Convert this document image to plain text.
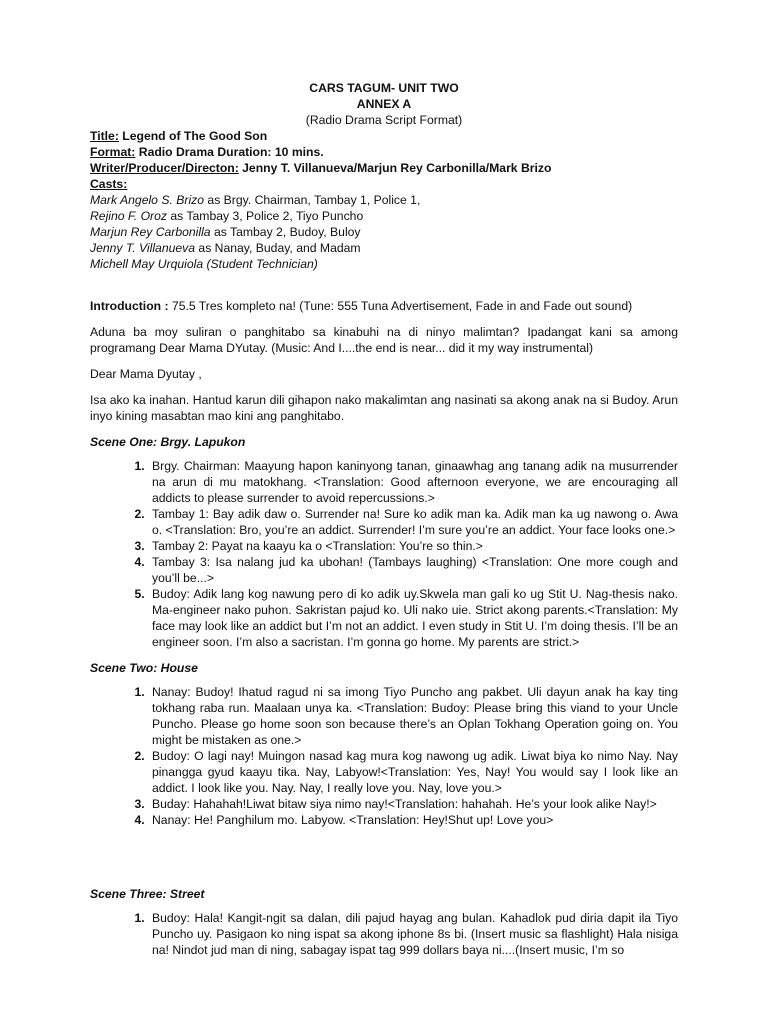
CARS TAGUM- UNIT TWO
ANNEX A
(Radio Drama Script Format)
Title: Legend of The Good Son
Format: Radio Drama Duration: 10 mins.
Writer/Producer/Directon: Jenny T. Villanueva/Marjun Rey Carbonilla/Mark Brizo
Casts:
Mark Angelo S. Brizo as Brgy. Chairman, Tambay 1, Police 1,
Rejino F. Oroz as Tambay 3, Police 2, Tiyo Puncho
Marjun Rey Carbonilla as Tambay 2, Budoy, Buloy
Jenny T. Villanueva as Nanay, Buday, and Madam
Michell May Urquiola (Student Technician)

Introduction : 75.5 Tres kompleto na! (Tune: 555 Tuna Advertisement, Fade in and Fade out sound)

Aduna ba moy suliran o panghitabo sa kinabuhi na di ninyo malimtan? Ipadangat kani sa among programang Dear Mama DYutay. (Music: And I....the end is near... did it my way instrumental)

Dear Mama Dyutay ,

Isa ako ka inahan. Hantud karun dili gihapon nako makalimtan ang nasinati sa akong anak na si Budoy. Arun inyo kining masabtan mao kini ang panghitabo.

Scene One: Brgy. Lapukon
1. Brgy. Chairman: Maayung hapon kaninyong tanan, ginaawhag ang tanang adik na musurrender na arun di mu matokhang. <Translation: Good afternoon everyone, we are encouraging all addicts to please surrender to avoid repercussions.>
2. Tambay 1: Bay adik daw o. Surrender na! Sure ko adik man ka. Adik man ka ug nawong o. Awa o. <Translation: Bro, you’re an addict. Surrender! I’m sure you’re an addict. Your face looks one.>
3. Tambay 2: Payat na kaayu ka o <Translation: You’re so thin.>
4. Tambay 3: Isa nalang jud ka ubohan! (Tambays laughing) <Translation: One more cough and you’ll be...>
5. Budoy: Adik lang kog nawung pero di ko adik uy.Skwela man gali ko ug Stit U. Nag-thesis nako. Ma-engineer nako puhon. Sakristan pajud ko. Uli nako uie. Strict akong parents.<Translation: My face may look like an addict but I’m not an addict. I even study in Stit U. I’m doing thesis. I’ll be an engineer soon. I’m also a sacristan. I’m gonna go home. My parents are strict.>
Scene Two: House
1. Nanay: Budoy! Ihatud ragud ni sa imong Tiyo Puncho ang pakbet. Uli dayun anak ha kay ting tokhang raba run. Maalaan unya ka. <Translation: Budoy: Please bring this viand to your Uncle Puncho. Please go home soon son because there’s an Oplan Tokhang Operation going on. You might be mistaken as one.>
2. Budoy: O lagi nay! Muingon nasad kag mura kog nawong ug adik. Liwat biya ko nimo Nay. Nay pinangga gyud kaayu tika. Nay, Labyow!<Translation: Yes, Nay! You would say I look like an addict. I look like you. Nay. Nay, I really love you. Nay, love you.>
3. Buday: Hahahah!Liwat bitaw siya nimo nay!<Translation: hahahah. He’s your look alike Nay!>
4. Nanay: He! Panghilum mo. Labyow. <Translation: Hey!Shut up! Love you>
Scene Three: Street
1. Budoy: Hala! Kangit-ngit sa dalan, dili pajud hayag ang bulan. Kahadlok pud diria dapit ila Tiyo Puncho uy. Pasigaon ko ning ispat sa akong iphone 8s bi. (Insert music sa flashlight) Hala nisiga na! Nindot jud man di ning, sabagay ispat tag 999 dollars baya ni....(Insert music, I’m so
